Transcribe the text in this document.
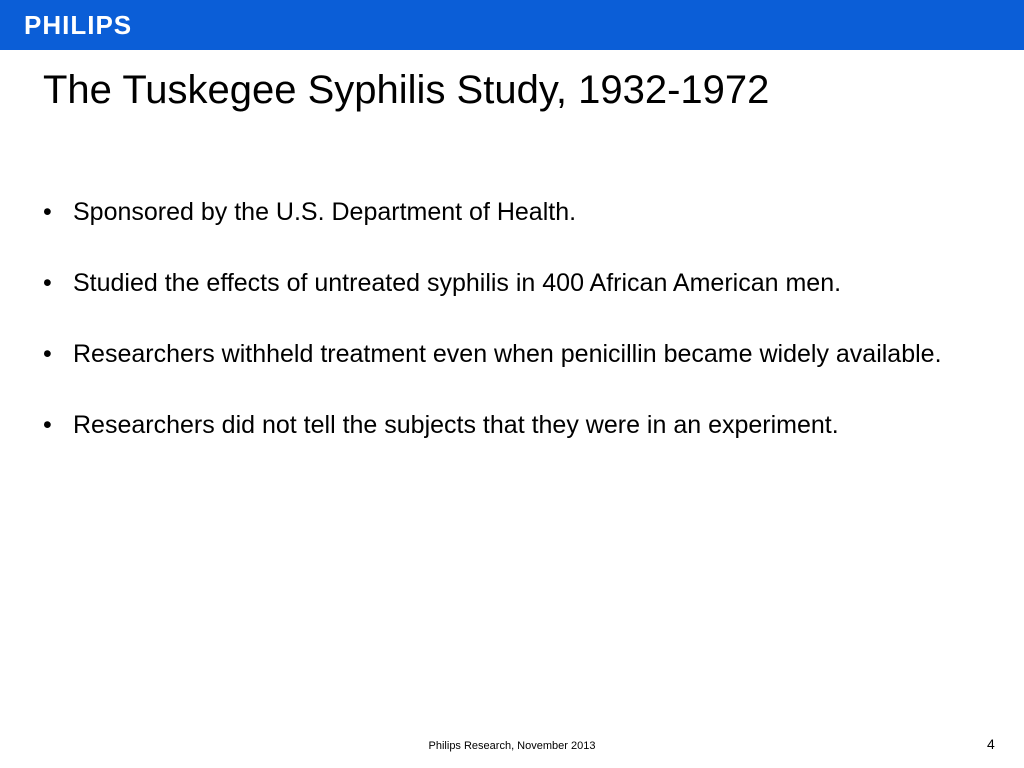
PHILIPS
The Tuskegee Syphilis Study, 1932-1972
• Sponsored by the U.S. Department of Health.
• Studied the effects of untreated syphilis in 400 African American men.
• Researchers withheld treatment even when penicillin became widely available.
• Researchers did not tell the subjects that they were in an experiment.
Philips Research, November 2013	4
